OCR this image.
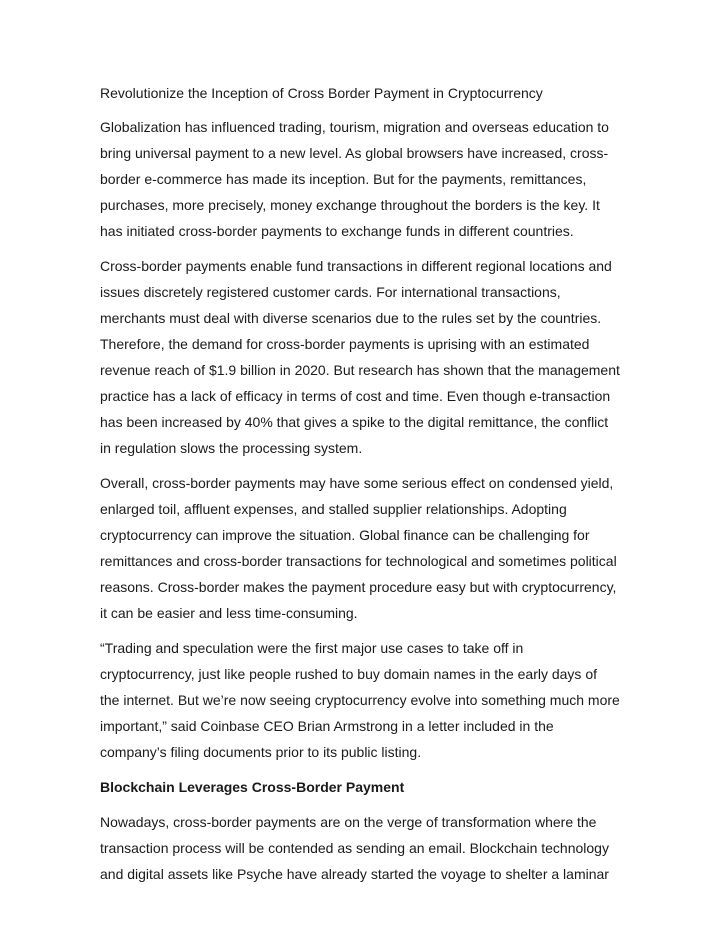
Revolutionize the Inception of Cross Border Payment in Cryptocurrency

Globalization has influenced trading, tourism, migration and overseas education to bring universal payment to a new level. As global browsers have increased, cross-border e-commerce has made its inception. But for the payments, remittances, purchases, more precisely, money exchange throughout the borders is the key. It has initiated cross-border payments to exchange funds in different countries.

Cross-border payments enable fund transactions in different regional locations and issues discretely registered customer cards. For international transactions, merchants must deal with diverse scenarios due to the rules set by the countries. Therefore, the demand for cross-border payments is uprising with an estimated revenue reach of $1.9 billion in 2020. But research has shown that the management practice has a lack of efficacy in terms of cost and time. Even though e-transaction has been increased by 40% that gives a spike to the digital remittance, the conflict in regulation slows the processing system.

Overall, cross-border payments may have some serious effect on condensed yield, enlarged toil, affluent expenses, and stalled supplier relationships. Adopting cryptocurrency can improve the situation. Global finance can be challenging for remittances and cross-border transactions for technological and sometimes political reasons. Cross-border makes the payment procedure easy but with cryptocurrency, it can be easier and less time-consuming.

“Trading and speculation were the first major use cases to take off in cryptocurrency, just like people rushed to buy domain names in the early days of the internet. But we’re now seeing cryptocurrency evolve into something much more important,” said Coinbase CEO Brian Armstrong in a letter included in the company’s filing documents prior to its public listing.

Blockchain Leverages Cross-Border Payment

Nowadays, cross-border payments are on the verge of transformation where the transaction process will be contended as sending an email. Blockchain technology and digital assets like Psyche have already started the voyage to shelter a laminar
